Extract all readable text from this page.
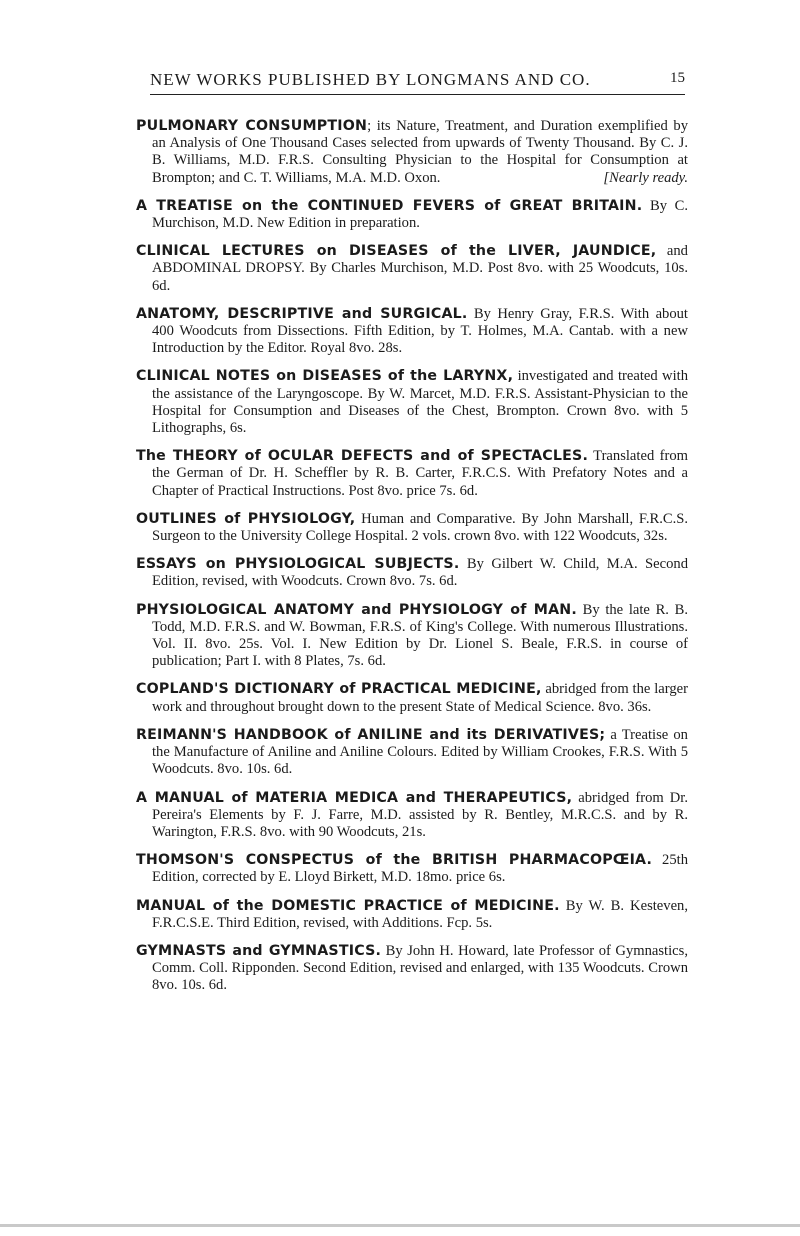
NEW WORKS PUBLISHED BY LONGMANS AND CO.	15

PULMONARY CONSUMPTION; its Nature, Treatment, and Duration exemplified by an Analysis of One Thousand Cases selected from upwards of Twenty Thousand. By C. J. B. Williams, M.D. F.R.S. Consulting Physician to the Hospital for Consumption at Brompton; and C. T. Williams, M.A. M.D. Oxon.	[Nearly ready.

A TREATISE on the CONTINUED FEVERS of GREAT BRITAIN. By C. Murchison, M.D. New Edition in preparation.

CLINICAL LECTURES on DISEASES of the LIVER, JAUNDICE, and ABDOMINAL DROPSY. By Charles Murchison, M.D. Post 8vo. with 25 Woodcuts, 10s. 6d.

ANATOMY, DESCRIPTIVE and SURGICAL. By Henry Gray, F.R.S. With about 400 Woodcuts from Dissections. Fifth Edition, by T. Holmes, M.A. Cantab. with a new Introduction by the Editor. Royal 8vo. 28s.

CLINICAL NOTES on DISEASES of the LARYNX, investigated and treated with the assistance of the Laryngoscope. By W. Marcet, M.D. F.R.S. Assistant-Physician to the Hospital for Consumption and Diseases of the Chest, Brompton. Crown 8vo. with 5 Lithographs, 6s.

The THEORY of OCULAR DEFECTS and of SPECTACLES. Translated from the German of Dr. H. Scheffler by R. B. Carter, F.R.C.S. With Prefatory Notes and a Chapter of Practical Instructions. Post 8vo. price 7s. 6d.

OUTLINES of PHYSIOLOGY, Human and Comparative. By John Marshall, F.R.C.S. Surgeon to the University College Hospital. 2 vols. crown 8vo. with 122 Woodcuts, 32s.

ESSAYS on PHYSIOLOGICAL SUBJECTS. By Gilbert W. Child, M.A. Second Edition, revised, with Woodcuts. Crown 8vo. 7s. 6d.

PHYSIOLOGICAL ANATOMY and PHYSIOLOGY of MAN. By the late R. B. Todd, M.D. F.R.S. and W. Bowman, F.R.S. of King's College. With numerous Illustrations. Vol. II. 8vo. 25s. Vol. I. New Edition by Dr. Lionel S. Beale, F.R.S. in course of publication; Part I. with 8 Plates, 7s. 6d.

COPLAND'S DICTIONARY of PRACTICAL MEDICINE, abridged from the larger work and throughout brought down to the present State of Medical Science. 8vo. 36s.

REIMANN'S HANDBOOK of ANILINE and its DERIVATIVES; a Treatise on the Manufacture of Aniline and Aniline Colours. Edited by William Crookes, F.R.S. With 5 Woodcuts. 8vo. 10s. 6d.

A MANUAL of MATERIA MEDICA and THERAPEUTICS, abridged from Dr. Pereira's Elements by F. J. Farre, M.D. assisted by R. Bentley, M.R.C.S. and by R. Warington, F.R.S. 8vo. with 90 Woodcuts, 21s.

THOMSON'S CONSPECTUS of the BRITISH PHARMACOPŒIA. 25th Edition, corrected by E. Lloyd Birkett, M.D. 18mo. price 6s.

MANUAL of the DOMESTIC PRACTICE of MEDICINE. By W. B. Kesteven, F.R.C.S.E. Third Edition, revised, with Additions. Fcp. 5s.

GYMNASTS and GYMNASTICS. By John H. Howard, late Professor of Gymnastics, Comm. Coll. Ripponden. Second Edition, revised and enlarged, with 135 Woodcuts. Crown 8vo. 10s. 6d.
